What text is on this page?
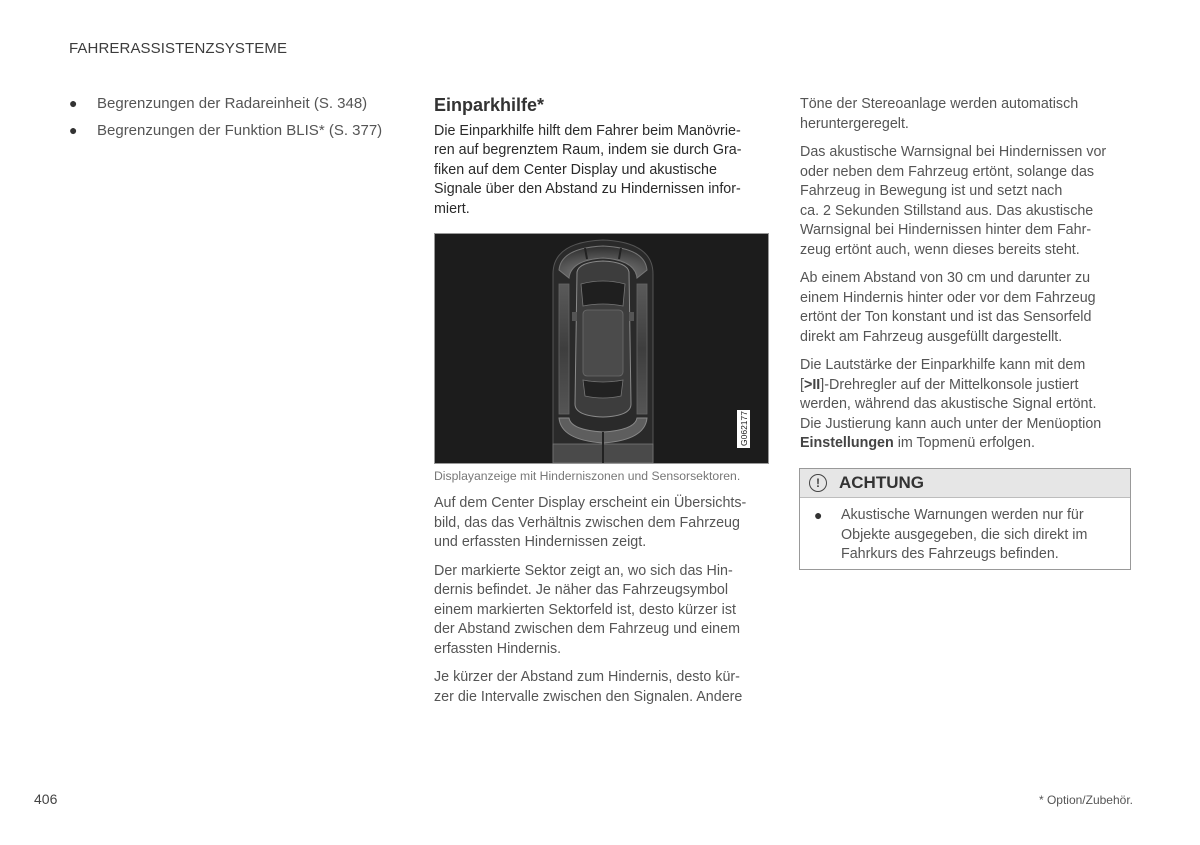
FAHRERASSISTENZSYSTEME
● Begrenzungen der Radareinheit (S. 348)
● Begrenzungen der Funktion BLIS* (S. 377)
Einparkhilfe*

Die Einparkhilfe hilft dem Fahrer beim Manövrie-
ren auf begrenztem Raum, indem sie durch Gra-
fiken auf dem Center Display und akustische
Signale über den Abstand zu Hindernissen infor-
miert.

G062177
Displayanzeige mit Hinderniszonen und Sensorsektoren.

Auf dem Center Display erscheint ein Übersichts-
bild, das das Verhältnis zwischen dem Fahrzeug
und erfassten Hindernissen zeigt.

Der markierte Sektor zeigt an, wo sich das Hin-
dernis befindet. Je näher das Fahrzeugsymbol
einem markierten Sektorfeld ist, desto kürzer ist
der Abstand zwischen dem Fahrzeug und einem
erfassten Hindernis.

Je kürzer der Abstand zum Hindernis, desto kür-
zer die Intervalle zwischen den Signalen. Andere

Töne der Stereoanlage werden automatisch
heruntergeregelt.

Das akustische Warnsignal bei Hindernissen vor
oder neben dem Fahrzeug ertönt, solange das
Fahrzeug in Bewegung ist und setzt nach
ca. 2 Sekunden Stillstand aus. Das akustische
Warnsignal bei Hindernissen hinter dem Fahr-
zeug ertönt auch, wenn dieses bereits steht.

Ab einem Abstand von 30 cm und darunter zu
einem Hindernis hinter oder vor dem Fahrzeug
ertönt der Ton konstant und ist das Sensorfeld
direkt am Fahrzeug ausgefüllt dargestellt.

Die Lautstärke der Einparkhilfe kann mit dem
[>II]-Drehregler auf der Mittelkonsole justiert
werden, während das akustische Signal ertönt.
Die Justierung kann auch unter der Menüoption
Einstellungen im Topmenü erfolgen.

!	ACHTUNG
● Akustische Warnungen werden nur für
Objekte ausgegeben, die sich direkt im
Fahrkurs des Fahrzeugs befinden.
406	* Option/Zubehör.
